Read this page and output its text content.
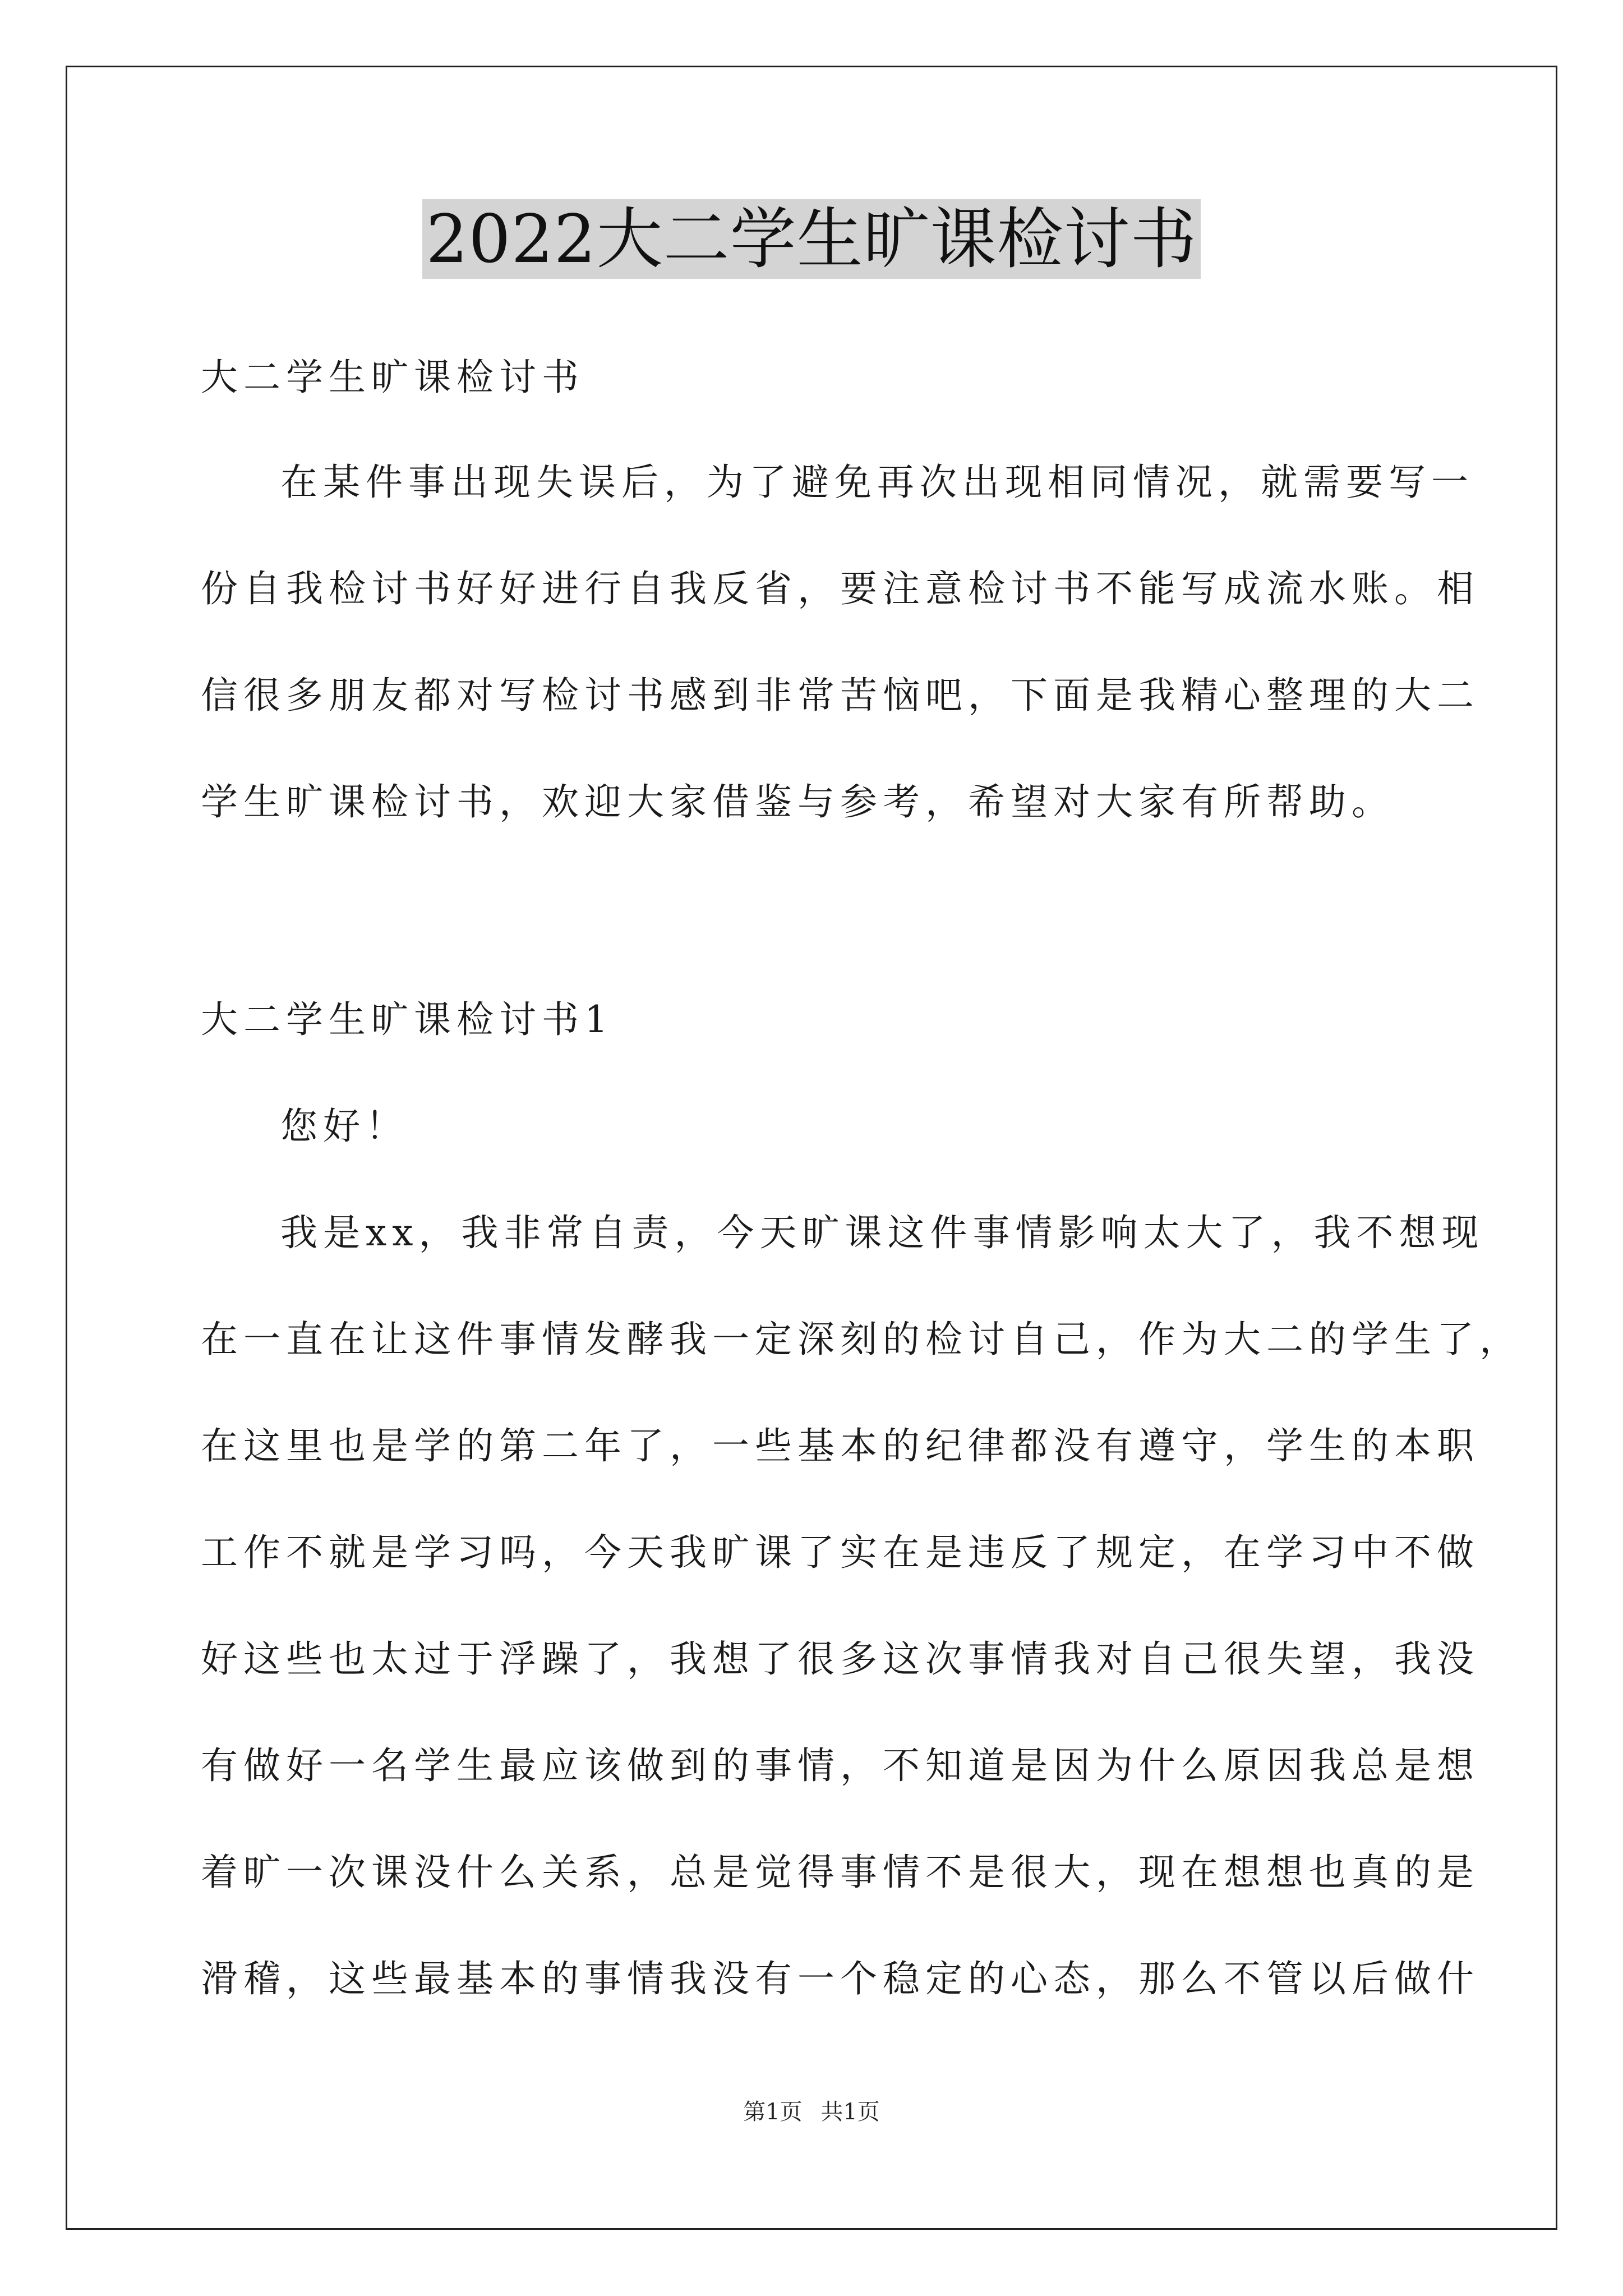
2022大二学生旷课检讨书
大二学生旷课检讨书
在某件事出现失误后，为了避免再次出现相同情况，就需要写一
份自我检讨书好好进行自我反省，要注意检讨书不能写成流水账。相
信很多朋友都对写检讨书感到非常苦恼吧，下面是我精心整理的大二
学生旷课检讨书，欢迎大家借鉴与参考，希望对大家有所帮助。
大二学生旷课检讨书1
您好！
我是xx，我非常自责，今天旷课这件事情影响太大了，我不想现
在一直在让这件事情发酵我一定深刻的检讨自己，作为大二的学生了，
在这里也是学的第二年了，一些基本的纪律都没有遵守，学生的本职
工作不就是学习吗，今天我旷课了实在是违反了规定，在学习中不做
好这些也太过于浮躁了，我想了很多这次事情我对自己很失望，我没
有做好一名学生最应该做到的事情，不知道是因为什么原因我总是想
着旷一次课没什么关系，总是觉得事情不是很大，现在想想也真的是
滑稽，这些最基本的事情我没有一个稳定的心态，那么不管以后做什
第1页 共1页
